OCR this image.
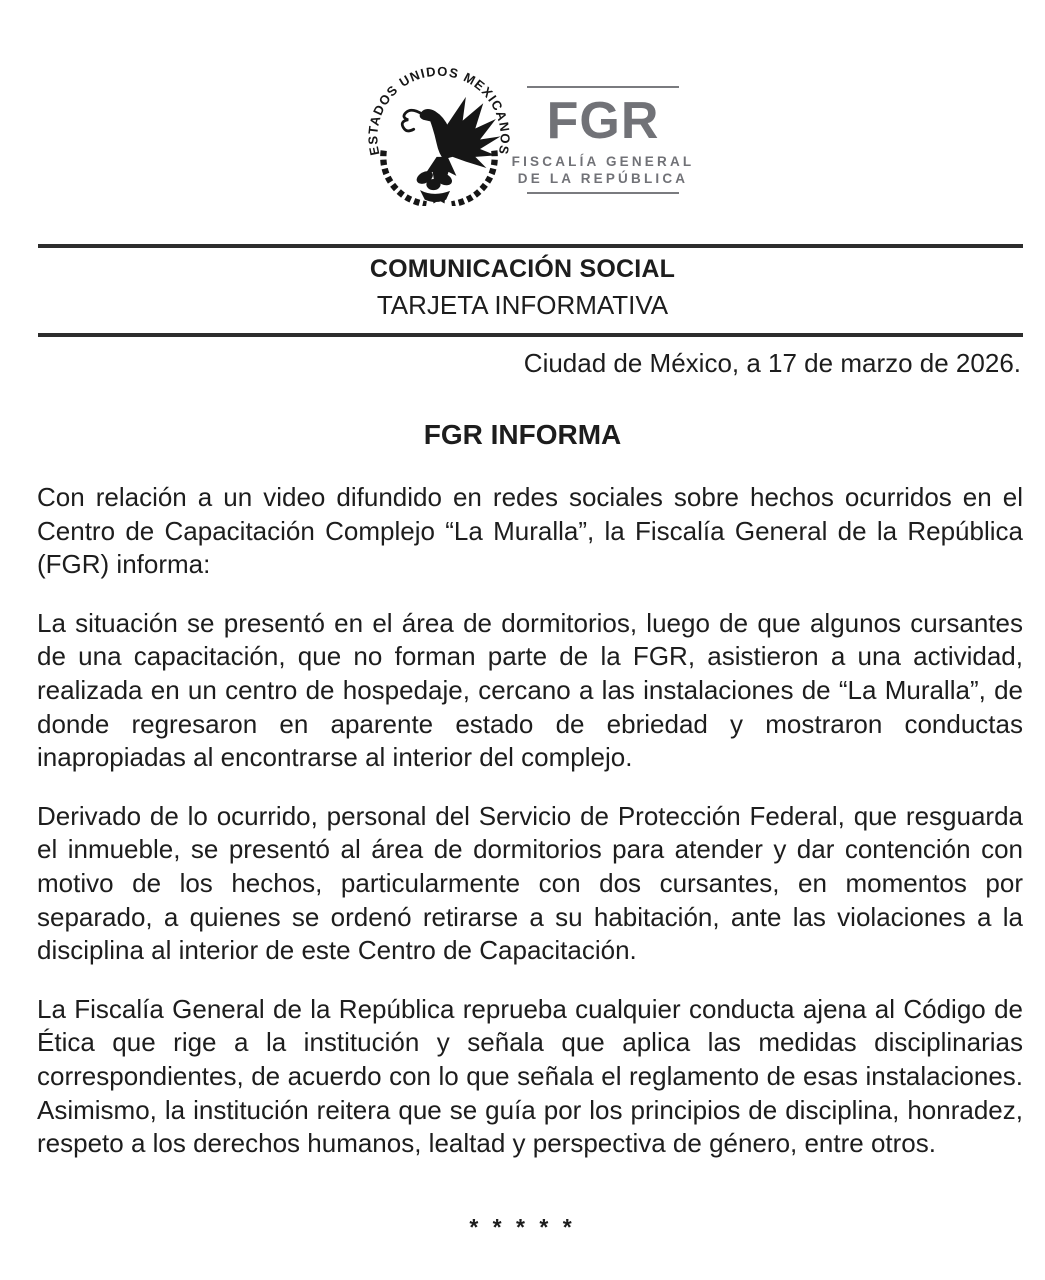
ESTADOS UNIDOS MEXICANOS
FGR
FISCALÍA GENERAL
DE LA REPÚBLICA

COMUNICACIÓN SOCIAL

TARJETA INFORMATIVA

Ciudad de México, a 17 de marzo de 2026.
FGR INFORMA

Con relación a un video difundido en redes sociales sobre hechos ocurridos en el Centro de Capacitación Complejo “La Muralla”, la Fiscalía General de la República (FGR) informa:

La situación se presentó en el área de dormitorios, luego de que algunos cursantes de una capacitación, que no forman parte de la FGR, asistieron a una actividad, realizada en un centro de hospedaje, cercano a las instalaciones de “La Muralla”, de donde regresaron en aparente estado de ebriedad y mostraron conductas inapropiadas al encontrarse al interior del complejo.

Derivado de lo ocurrido, personal del Servicio de Protección Federal, que resguarda el inmueble, se presentó al área de dormitorios para atender y dar contención con motivo de los hechos, particularmente con dos cursantes, en momentos por separado, a quienes se ordenó retirarse a su habitación, ante las violaciones a la disciplina al interior de este Centro de Capacitación.

La Fiscalía General de la República reprueba cualquier conducta ajena al Código de Ética que rige a la institución y señala que aplica las medidas disciplinarias correspondientes, de acuerdo con lo que señala el reglamento de esas instalaciones. Asimismo, la institución reitera que se guía por los principios de disciplina, honradez, respeto a los derechos humanos, lealtad y perspectiva de género, entre otros.

* * * * *
